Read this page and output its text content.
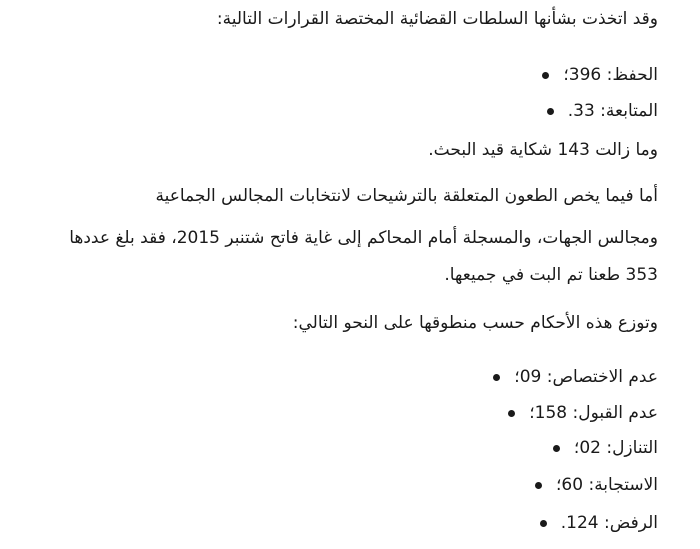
وقد اتخذت بشأنها السلطات القضائية المختصة القرارات التالية:
الحفظ: 396؛
المتابعة: 33.
وما زالت 143 شكاية قيد البحث.
أما فيما يخص الطعون المتعلقة بالترشيحات لانتخابات المجالس الجماعية
ومجالس الجهات، والمسجلة أمام المحاكم إلى غاية فاتح شتنبر 2015، فقد بلغ عددها
353 طعنا تم البت في جميعها.
وتوزع هذه الأحكام حسب منطوقها على النحو التالي:
عدم الاختصاص: 09؛
عدم القبول: 158؛
التنازل: 02؛
الاستجابة: 60؛
الرفض: 124.
